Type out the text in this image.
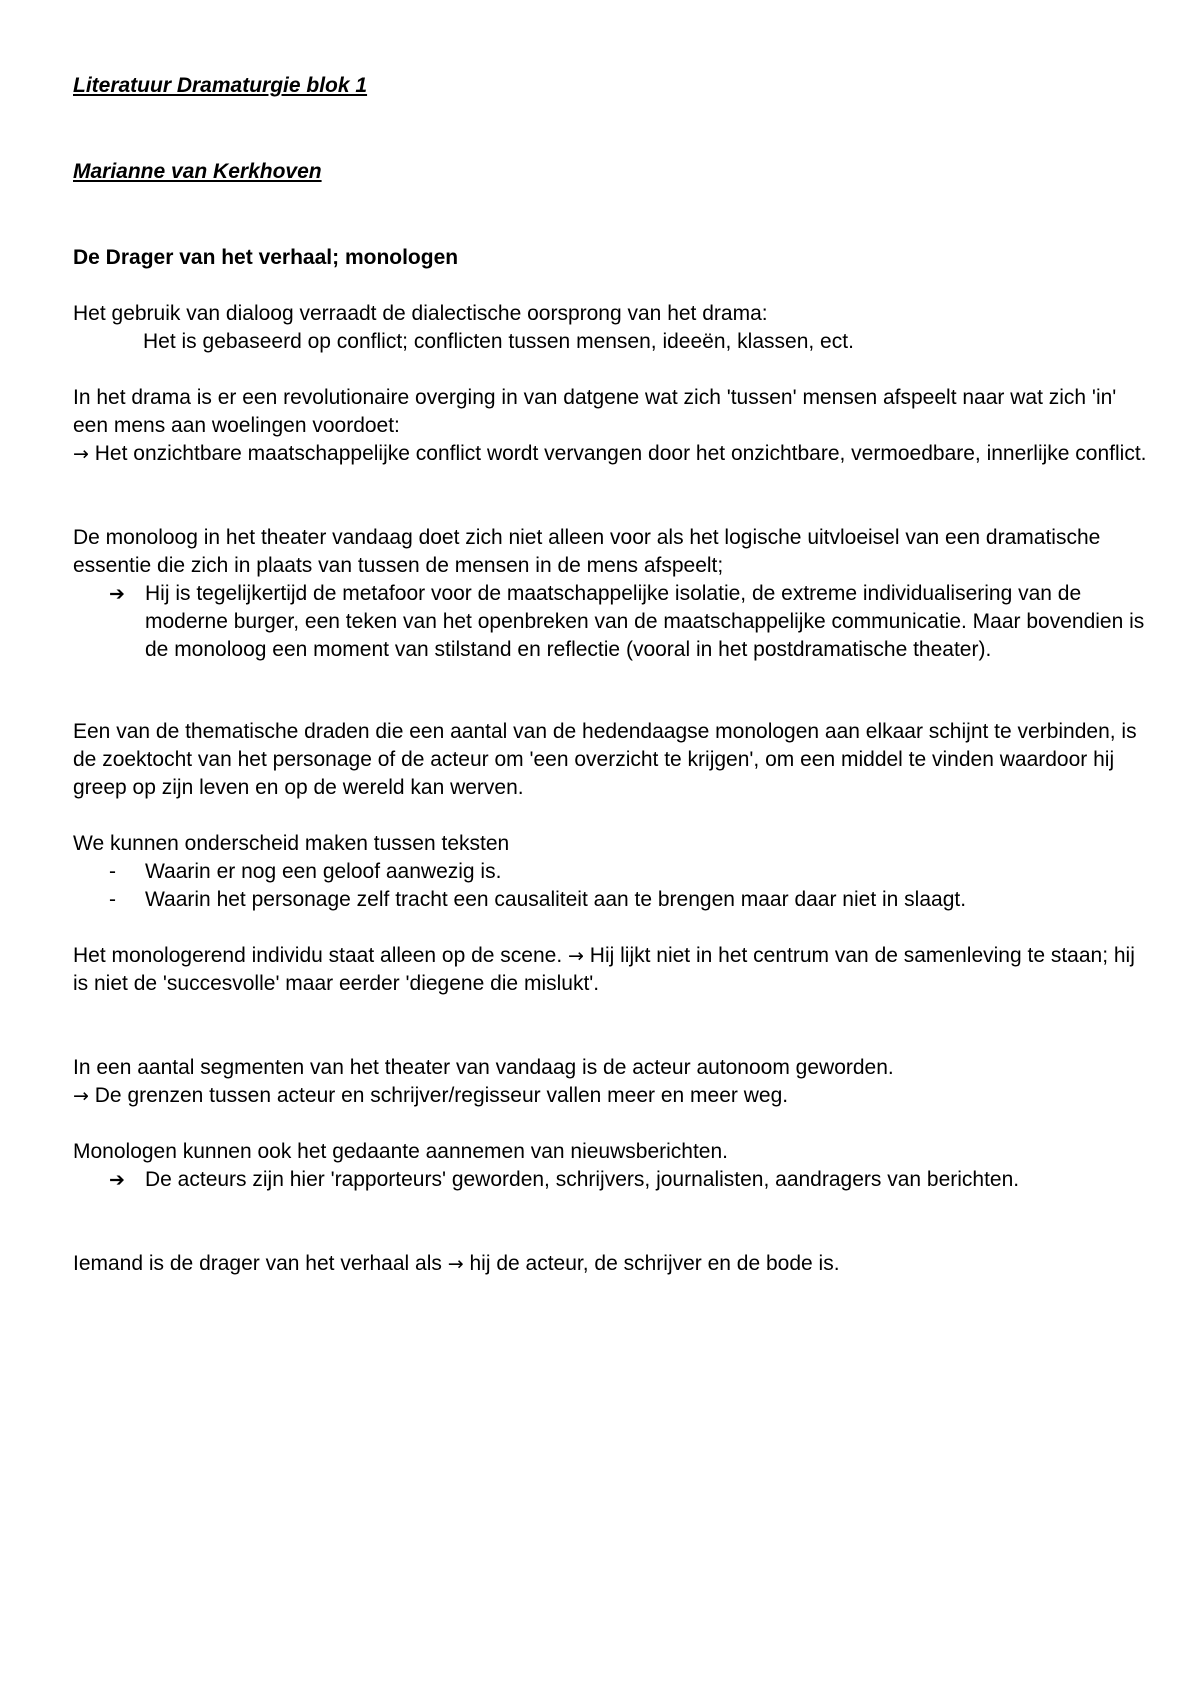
Literatuur Dramaturgie blok 1
Marianne van Kerkhoven
De Drager van het verhaal; monologen

Het gebruik van dialoog verraadt de dialectische oorsprong van het drama:

Het is gebaseerd op conflict; conflicten tussen mensen, ideeën, klassen, ect.

In het drama is er een revolutionaire overging in van datgene wat zich 'tussen' mensen afspeelt naar wat zich 'in' een mens aan woelingen voordoet:

→ Het onzichtbare maatschappelijke conflict wordt vervangen door het onzichtbare, vermoedbare, innerlijke conflict.

De monoloog in het theater vandaag doet zich niet alleen voor als het logische uitvloeisel van een dramatische essentie die zich in plaats van tussen de mensen in de mens afspeelt;

➔ Hij is tegelijkertijd de metafoor voor de maatschappelijke isolatie, de extreme individualisering van de moderne burger, een teken van het openbreken van de maatschappelijke communicatie. Maar bovendien is de monoloog een moment van stilstand en reflectie (vooral in het postdramatische theater).

Een van de thematische draden die een aantal van de hedendaagse monologen aan elkaar schijnt te verbinden, is de zoektocht van het personage of de acteur om 'een overzicht te krijgen', om een middel te vinden waardoor hij greep op zijn leven en op de wereld kan werven.

We kunnen onderscheid maken tussen teksten

- Waarin er nog een geloof aanwezig is.
- Waarin het personage zelf tracht een causaliteit aan te brengen maar daar niet in slaagt.

Het monologerend individu staat alleen op de scene. → Hij lijkt niet in het centrum van de samenleving te staan; hij is niet de 'succesvolle' maar eerder 'diegene die mislukt'.

In een aantal segmenten van het theater van vandaag is de acteur autonoom geworden.

→ De grenzen tussen acteur en schrijver/regisseur vallen meer en meer weg.

Monologen kunnen ook het gedaante aannemen van nieuwsberichten.

➔ De acteurs zijn hier 'rapporteurs' geworden, schrijvers, journalisten, aandragers van berichten.

Iemand is de drager van het verhaal als → hij de acteur, de schrijver en de bode is.
